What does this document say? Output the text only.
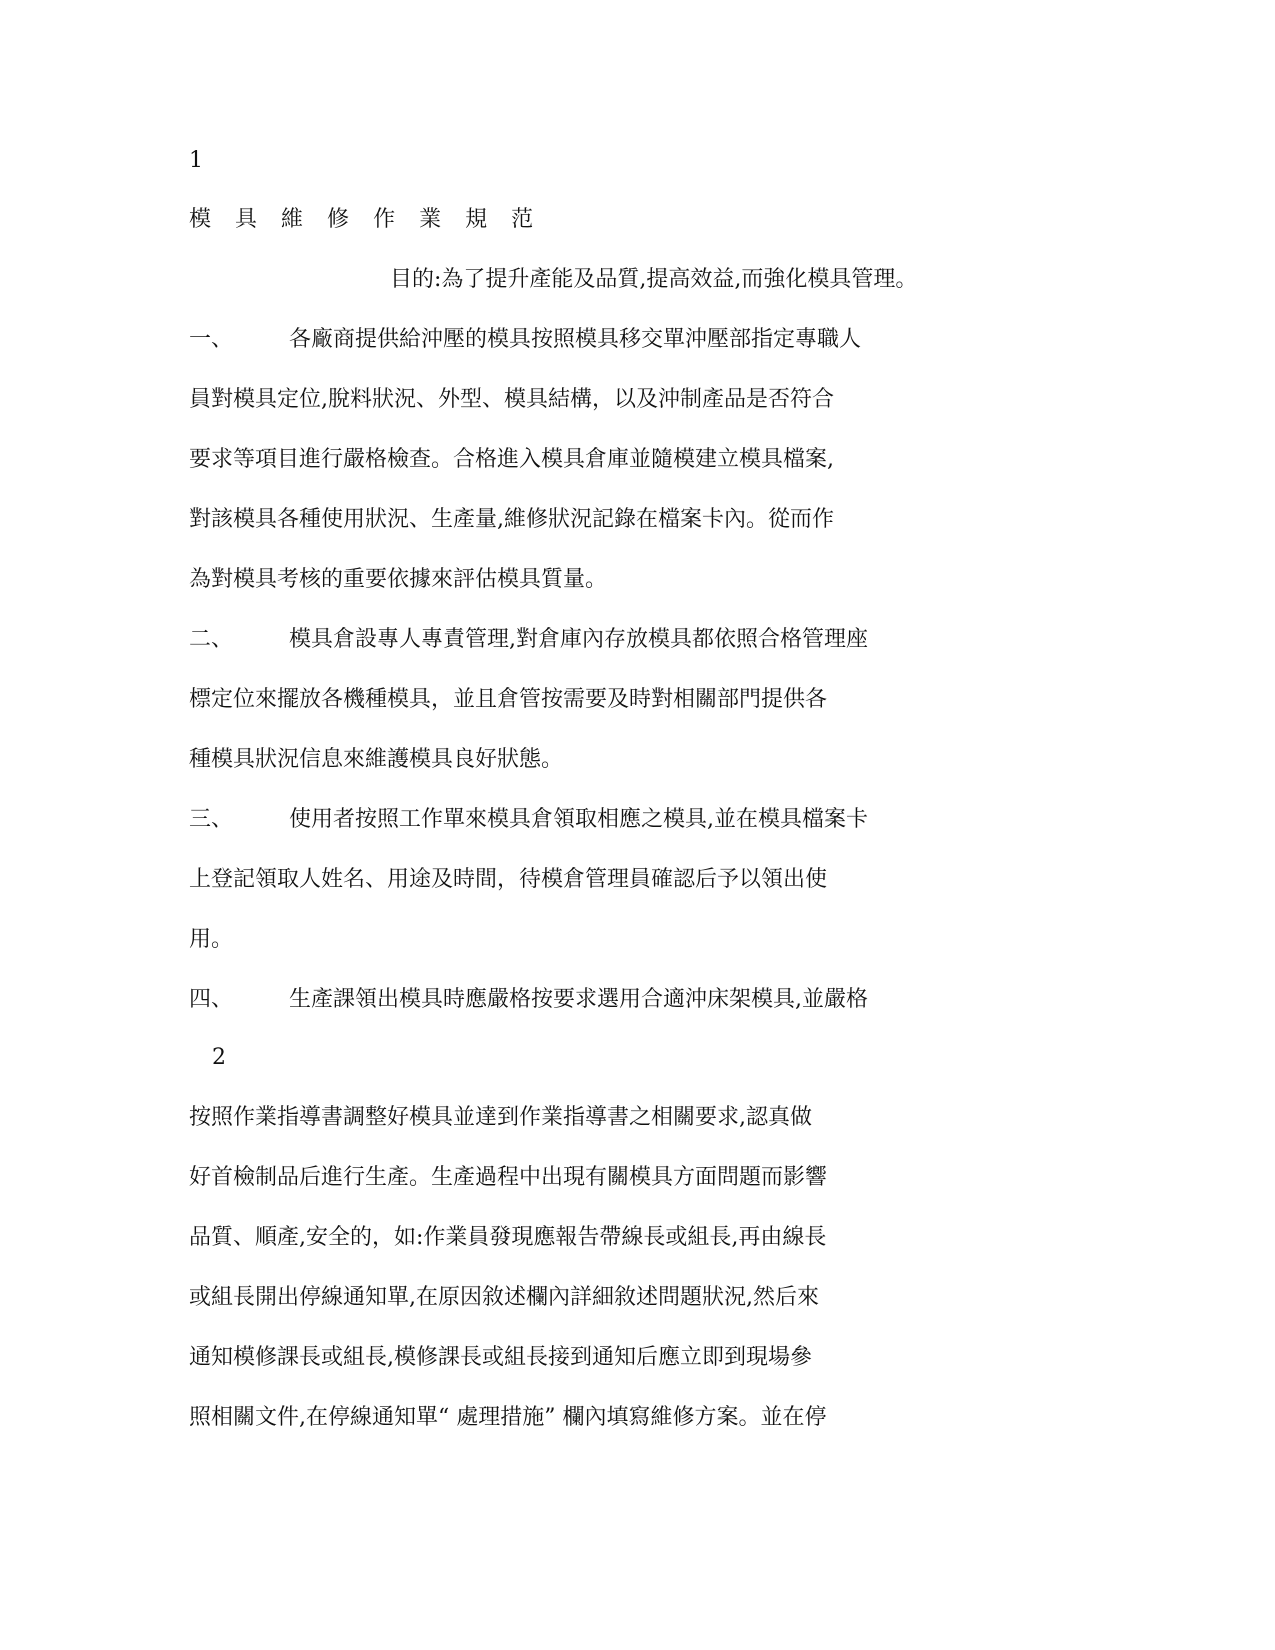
1
模 具 維 修 作 業 規 范
目的:為了提升產能及品質,提高效益,而強化模具管理。
一、	各廠商提供給沖壓的模具按照模具移交單沖壓部指定專職人
員對模具定位,脫料狀況、外型、模具結構，以及沖制產品是否符合
要求等項目進行嚴格檢查。合格進入模具倉庫並隨模建立模具檔案,
對該模具各種使用狀況、生產量,維修狀況記錄在檔案卡內。從而作
為對模具考核的重要依據來評估模具質量。
二、	模具倉設專人專責管理,對倉庫內存放模具都依照合格管理座
標定位來擺放各機種模具，並且倉管按需要及時對相關部門提供各
種模具狀況信息來維護模具良好狀態。
三、	使用者按照工作單來模具倉領取相應之模具,並在模具檔案卡
上登記領取人姓名、用途及時間，待模倉管理員確認后予以領出使
用。
四、	生產課領出模具時應嚴格按要求選用合適沖床架模具,並嚴格
2
按照作業指導書調整好模具並達到作業指導書之相關要求,認真做
好首檢制品后進行生產。生產過程中出現有關模具方面問題而影響
品質、順產,安全的，如:作業員發現應報告帶線長或組長,再由線長
或組長開出停線通知單,在原因敘述欄內詳細敘述問題狀況,然后來
通知模修課長或組長,模修課長或組長接到通知后應立即到現場參
照相關文件,在停線通知單“ 處理措施” 欄內填寫維修方案。並在停
